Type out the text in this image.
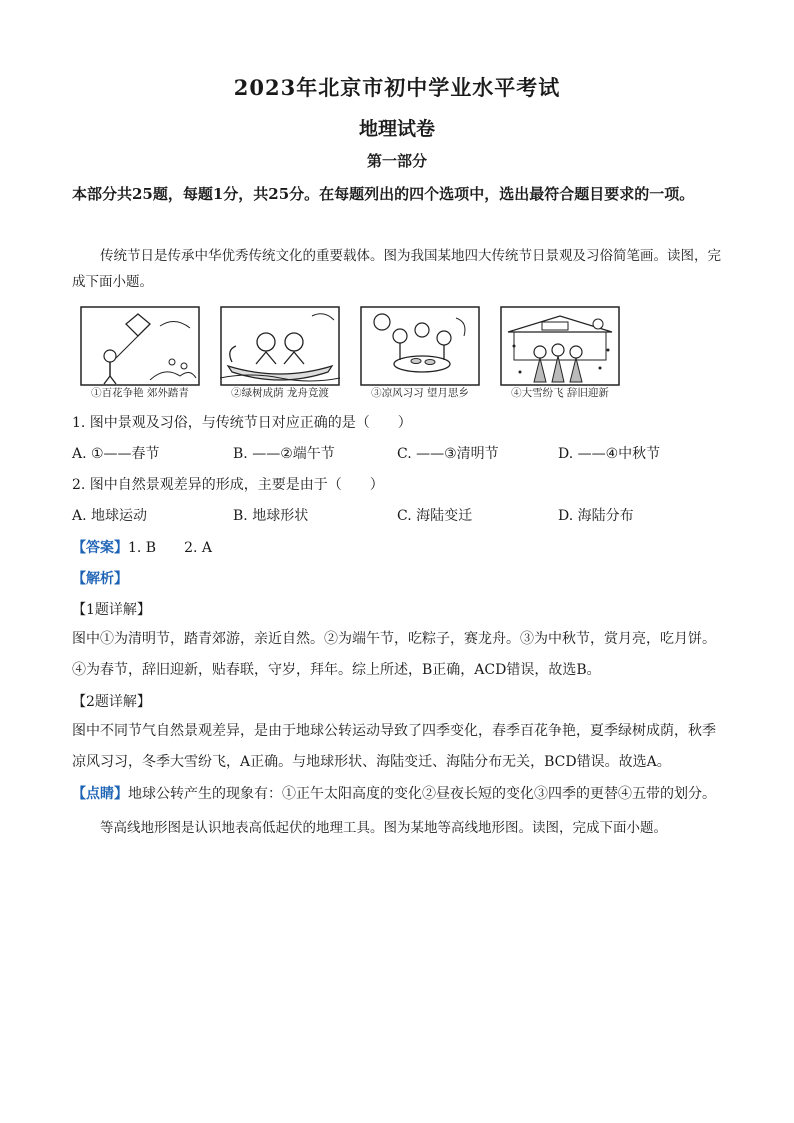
2023年北京市初中学业水平考试
地理试卷
第一部分
本部分共25题，每题1分，共25分。在每题列出的四个选项中，选出最符合题目要求的一项。
传统节日是传承中华优秀传统文化的重要载体。图为我国某地四大传统节日景观及习俗简笔画。读图，完成下面小题。
①百花争艳 郊外踏青	②绿树成荫 龙舟竞渡	③凉风习习 望月思乡	④大雪纷飞 辞旧迎新
1. 图中景观及习俗，与传统节日对应正确的是（　　）
A. ①——春节	B. ——②端午节	C. ——③清明节	D. ——④中秋节
2. 图中自然景观差异的形成，主要是由于（　　）
A. 地球运动	B. 地球形状	C. 海陆变迁	D. 海陆分布
【答案】1. B　　2. A
【解析】
【1题详解】
图中①为清明节，踏青郊游，亲近自然。②为端午节，吃粽子，赛龙舟。③为中秋节，赏月亮，吃月饼。④为春节，辞旧迎新，贴春联，守岁，拜年。综上所述，B正确，ACD错误，故选B。
【2题详解】
图中不同节气自然景观差异，是由于地球公转运动导致了四季变化，春季百花争艳，夏季绿树成荫，秋季凉风习习，冬季大雪纷飞，A正确。与地球形状、海陆变迁、海陆分布无关，BCD错误。故选A。
【点睛】地球公转产生的现象有：①正午太阳高度的变化②昼夜长短的变化③四季的更替④五带的划分。
等高线地形图是认识地表高低起伏的地理工具。图为某地等高线地形图。读图，完成下面小题。
